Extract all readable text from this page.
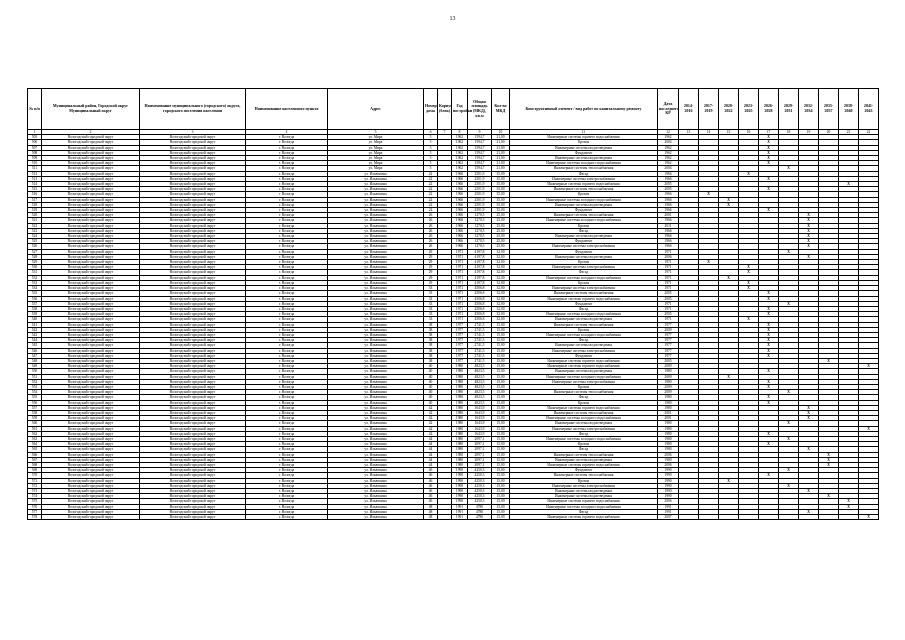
13
№ п/п	Муниципальный район, Городской округ Муниципальный округ	Наименование муниципального (городского) округа, городского поселения населения	Наименование населенного пункта	Адрес	Номер дома	Корпус (блок)	Год постройки	Общая площадь (МКД), кв.м	Кол-во МКД	Конструктивный элемент / вид работ по капитальному ремонту	Дата последнего КР	2014-2016	2017-2019	2020-2022	2023-2025	2026-2028	2029-2031	2032-2034	2035-2037	2038-2040	2041-2043
1	2	3	4	5	6	7	8	9	10	11	12	13	14	15	16	17	18	19	20	21	22
505	Вологодский городской округ	Вологодский городской округ	г. Вологда	ул. Мира	5		1962	1594,7	21,00	Инженерные системы горячего водоснабжения	1962					X					
506	Вологодский городской округ	Вологодский городской округ	г. Вологда	ул. Мира	5		1962	1594,7	21,00	Кровля	2004					X					
507	Вологодский городской округ	Вологодский городской округ	г. Вологда	ул. Мира	5		1962	1594,7	21,00	Инженерные системы водоотведения	1962					X					
508	Вологодский городской округ	Вологодский городской округ	г. Вологда	ул. Мира	5		1962	1594,7	21,00	Фундамент	1962					X					
509	Вологодский городской округ	Вологодский городской округ	г. Вологда	ул. Мира	5		1962	1594,7	21,00	Инженерные системы водоотведения	1962					X					
510	Вологодский городской округ	Вологодский городской округ	г. Вологда	ул. Мира	5		1962	1594,7	21,00	Инженерные системы холодного водоснабжения	1962					X					
511	Вологодский городской округ	Вологодский городской округ	г. Вологда	ул. Мира	5		1962	1594,7	21,00	Инженерные системы теплоснабжения	2004						X				
512	Вологодский городской округ	Вологодский городской округ	г. Вологда	ул. Ильюшина	22		1966	2501,9	35,00	Фасад	1966				X						
513	Вологодский городской округ	Вологодский городской округ	г. Вологда	ул. Ильюшина	22		1966	2501,9	35,00	Инженерные системы электроснабжения	1966					X					
514	Вологодский городской округ	Вологодский городской округ	г. Вологда	ул. Ильюшина	22		1966	2501,9	35,00	Инженерные системы горячего водоснабжения	2005									X	
515	Вологодский городской округ	Вологодский городской округ	г. Вологда	ул. Ильюшина	22		1966	2501,9	35,00	Инженерные системы теплоснабжения	2005					X					
516	Вологодский городской округ	Вологодский городской округ	г. Вологда	ул. Ильюшина	22		1966	2501,9	35,00	Кровля	1966		X								
517	Вологодский городской округ	Вологодский городской округ	г. Вологда	ул. Ильюшина	22		1966	2501,9	35,00	Инженерные системы холодного водоснабжения	1966			X							
518	Вологодский городской округ	Вологодский городской округ	г. Вологда	ул. Ильюшина	22		1966	2501,9	35,00	Инженерные системы водоотведения	1966			X							
519	Вологодский городской округ	Вологодский городской округ	г. Вологда	ул. Ильюшина	22		1966	2501,9	35,00	Фундамент	1966					X					
520	Вологодский городской округ	Вологодский городской округ	г. Вологда	ул. Ильюшина	26		1966	1270,5	25,00	Инженерные системы теплоснабжения	2001							X			
521	Вологодский городской округ	Вологодский городской округ	г. Вологда	ул. Ильюшина	26		1966	1270,5	25,00	Инженерные системы холодного водоснабжения	1966							X			
522	Вологодский городской округ	Вологодский городской округ	г. Вологда	ул. Ильюшина	26		1966	1270,5	25,00	Кровля	2011							X			
523	Вологодский городской округ	Вологодский городской округ	г. Вологда	ул. Ильюшина	26		1966	1270,5	25,00	Фасад	1966							X			
524	Вологодский городской округ	Вологодский городской округ	г. Вологда	ул. Ильюшина	26		1966	1270,5	25,00	Инженерные системы водоотведения	1966							X			
525	Вологодский городской округ	Вологодский городской округ	г. Вологда	ул. Ильюшина	26		1966	1270,5	25,00	Фундамент	1966							X			
526	Вологодский городской округ	Вологодский городской округ	г. Вологда	ул. Ильюшина	26		1966	1270,5	25,00	Инженерные системы электроснабжения	1966							X			
527	Вологодский городской округ	Вологодский городской округ	г. Вологда	ул. Ильюшина	29		1971	4197,8	32,00	Фундамент	1971						X				
528	Вологодский городской округ	Вологодский городской округ	г. Вологда	ул. Ильюшина	29		1971	4197,8	32,00	Инженерные системы водоотведения	2006							X			
529	Вологодский городской округ	Вологодский городской округ	г. Вологда	ул. Ильюшина	29		1971	4197,8	32,00	Кровля	1971		X								
530	Вологодский городской округ	Вологодский городской округ	г. Вологда	ул. Ильюшина	29		1971	4197,8	32,00	Инженерные системы электроснабжения	1971				X						
531	Вологодский городской округ	Вологодский городской округ	г. Вологда	ул. Ильюшина	29		1971	4197,8	32,00	Фасад	1971				X						
532	Вологодский городской округ	Вологодский городской округ	г. Вологда	ул. Ильюшина	29		1971	4197,8	32,00	Инженерные системы холодного водоснабжения	1971			X							
533	Вологодский городской округ	Вологодский городской округ	г. Вологда	ул. Ильюшина	29		1971	4197,8	32,00	Кровля	1971				X						
534	Вологодский городской округ	Вологодский городской округ	г. Вологда	ул. Ильюшина	33		1971	4506,8	32,00	Инженерные системы электроснабжения	1971				X						
535	Вологодский городской округ	Вологодский городской округ	г. Вологда	ул. Ильюшина	33		1971	4506,8	32,00	Инженерные системы теплоснабжения	2005					X					
536	Вологодский городской округ	Вологодский городской округ	г. Вологда	ул. Ильюшина	33		1971	4506,8	32,00	Инженерные системы горячего водоснабжения	2005					X					
537	Вологодский городской округ	Вологодский городской округ	г. Вологда	ул. Ильюшина	33		1971	4506,8	32,00	Фундамент	1971						X				
538	Вологодский городской округ	Вологодский городской округ	г. Вологда	ул. Ильюшина	33		1971	4506,8	32,00	Фасад	1971					X					
539	Вологодский городской округ	Вологодский городской округ	г. Вологда	ул. Ильюшина	33		1971	4506,8	32,00	Инженерные системы холодного водоснабжения	2005					X					
540	Вологодский городской округ	Вологодский городской округ	г. Вологда	ул. Ильюшина	33		1971	4506,8	32,00	Инженерные системы водоотведения	1971				X						
541	Вологодский городской округ	Вологодский городской округ	г. Вологда	ул. Ильюшина	38		1977	2741,5	15,00	Инженерные системы теплоснабжения	1977					X					
542	Вологодский городской округ	Вологодский городской округ	г. Вологда	ул. Ильюшина	38		1977	2741,5	15,00	Кровля	2009					X					
543	Вологодский городской округ	Вологодский городской округ	г. Вологда	ул. Ильюшина	38		1977	2741,5	15,00	Инженерные системы холодного водоснабжения	1977					X					
544	Вологодский городской округ	Вологодский городской округ	г. Вологда	ул. Ильюшина	38		1977	2741,5	15,00	Фасад	1977					X					
545	Вологодский городской округ	Вологодский городской округ	г. Вологда	ул. Ильюшина	38		1977	2741,5	15,00	Инженерные системы водоотведения	1977					X					
546	Вологодский городской округ	Вологодский городской округ	г. Вологда	ул. Ильюшина	38		1977	2741,5	15,00	Инженерные системы электроснабжения	1977					X					
547	Вологодский городской округ	Вологодский городской округ	г. Вологда	ул. Ильюшина	38		1977	2741,5	15,00	Фундамент	1977					X					
548	Вологодский городской округ	Вологодский городской округ	г. Вологда	ул. Ильюшина	38		1977	2741,5	15,00	Инженерные системы горячего водоснабжения	2005								X		
549	Вологодский городской округ	Вологодский городской округ	г. Вологда	ул. Ильюшина	40		1980	4823,5	15,00	Инженерные системы горячего водоснабжения	2009										X
550	Вологодский городской округ	Вологодский городской округ	г. Вологда	ул. Ильюшина	40		1980	4823,5	15,00	Инженерные системы водоотведения	1980					X					
551	Вологодский городской округ	Вологодский городской округ	г. Вологда	ул. Ильюшина	40		1980	4823,5	15,00	Инженерные системы холодного водоснабжения	2009			X							
552	Вологодский городской округ	Вологодский городской округ	г. Вологда	ул. Ильюшина	40		1980	4823,5	15,00	Инженерные системы электроснабжения	1980					X					
553	Вологодский городской округ	Вологодский городской округ	г. Вологда	ул. Ильюшина	40		1980	4823,5	15,00	Кровля	2009					X					
554	Вологодский городской округ	Вологодский городской округ	г. Вологда	ул. Ильюшина	40		1980	4823,5	15,00	Инженерные системы теплоснабжения	2009						X				
555	Вологодский городской округ	Вологодский городской округ	г. Вологда	ул. Ильюшина	40		1980	4823,5	15,00	Фасад	1980					X					
556	Вологодский городской округ	Вологодский городской округ	г. Вологда	ул. Ильюшина	40		1980	4823,5	15,00	Кровля	1980					X					
557	Вологодский городской округ	Вологодский городской округ	г. Вологда	ул. Ильюшина	42		1980	1643,9	15,00	Инженерные системы горячего водоснабжения	1980							X			
558	Вологодский городской округ	Вологодский городской округ	г. Вологда	ул. Ильюшина	42		1980	1643,9	15,00	Инженерные системы теплоснабжения	2001							X			
559	Вологодский городской округ	Вологодский городской округ	г. Вологда	ул. Ильюшина	42		1980	1643,9	15,00	Инженерные системы холодного водоснабжения	2001							X			
560	Вологодский городской округ	Вологодский городской округ	г. Вологда	ул. Ильюшина	42		1980	1643,9	15,00	Инженерные системы водоотведения	1980						X				
561	Вологодский городской округ	Вологодский городской округ	г. Вологда	ул. Ильюшина	42		1980	1643,9	15,00	Инженерные системы электроснабжения	1980										X
562	Вологодский городской округ	Вологодский городской округ	г. Вологда	ул. Ильюшина	42		1980	1643,9	15,00	Фасад	1980					X					
563	Вологодский городской округ	Вологодский городской округ	г. Вологда	ул. Ильюшина	44		1980	2097,1	15,00	Инженерные системы холодного водоснабжения	1980						X				
564	Вологодский городской округ	Вологодский городской округ	г. Вологда	ул. Ильюшина	44		1980	2097,1	15,00	Кровля	1980					X					
565	Вологодский городской округ	Вологодский городской округ	г. Вологда	ул. Ильюшина	44		1980	2097,1	15,00	Фасад	1980							X			
566	Вологодский городской округ	Вологодский городской округ	г. Вологда	ул. Ильюшина	44		1980	2097,1	15,00	Инженерные системы теплоснабжения	2006								X		
567	Вологодский городской округ	Вологодский городской округ	г. Вологда	ул. Ильюшина	44		1980	2097,1	15,00	Инженерные системы водоотведения	1980								X		
568	Вологодский городской округ	Вологодский городской округ	г. Вологда	ул. Ильюшина	44		1980	2097,1	15,00	Инженерные системы горячего водоснабжения	2006								X		
569	Вологодский городской округ	Вологодский городской округ	г. Вологда	ул. Ильюшина	46		1990	4250,3	15,00	Фундамент	1990						X				
570	Вологодский городской округ	Вологодский городской округ	г. Вологда	ул. Ильюшина	46		1990	4250,3	15,00	Инженерные системы теплоснабжения	1990					X					
571	Вологодский городской округ	Вологодский городской округ	г. Вологда	ул. Ильюшина	46		1990	4250,3	15,00	Кровля	1990			X							
572	Вологодский городской округ	Вологодский городской округ	г. Вологда	ул. Ильюшина	46		1990	4250,3	15,00	Инженерные системы электроснабжения	1990						X				
573	Вологодский городской округ	Вологодский городской округ	г. Вологда	ул. Ильюшина	46		1990	4250,3	15,00	Инженерные системы водоотведения	1990							X			
574	Вологодский городской округ	Вологодский городской округ	г. Вологда	ул. Ильюшина	46		1990	4250,3	15,00	Инженерные системы водоотведения	1990								X		
575	Вологодский городской округ	Вологодский городской округ	г. Вологда	ул. Ильюшина	46		1990	4250,3	15,00	Инженерные системы горячего водоснабжения	2006									X	
576	Вологодский городской округ	Вологодский городской округ	г. Вологда	ул. Ильюшина	48		1991	4780	15,00	Инженерные системы холодного водоснабжения	1991									X	
577	Вологодский городской округ	Вологодский городской округ	г. Вологда	ул. Ильюшина	48		1991	4780	15,00	Фасад	1991							X			
578	Вологодский городской округ	Вологодский городской округ	г. Вологда	ул. Ильюшина	48		1991	4780	15,00	Инженерные системы горячего водоснабжения	2007										X
